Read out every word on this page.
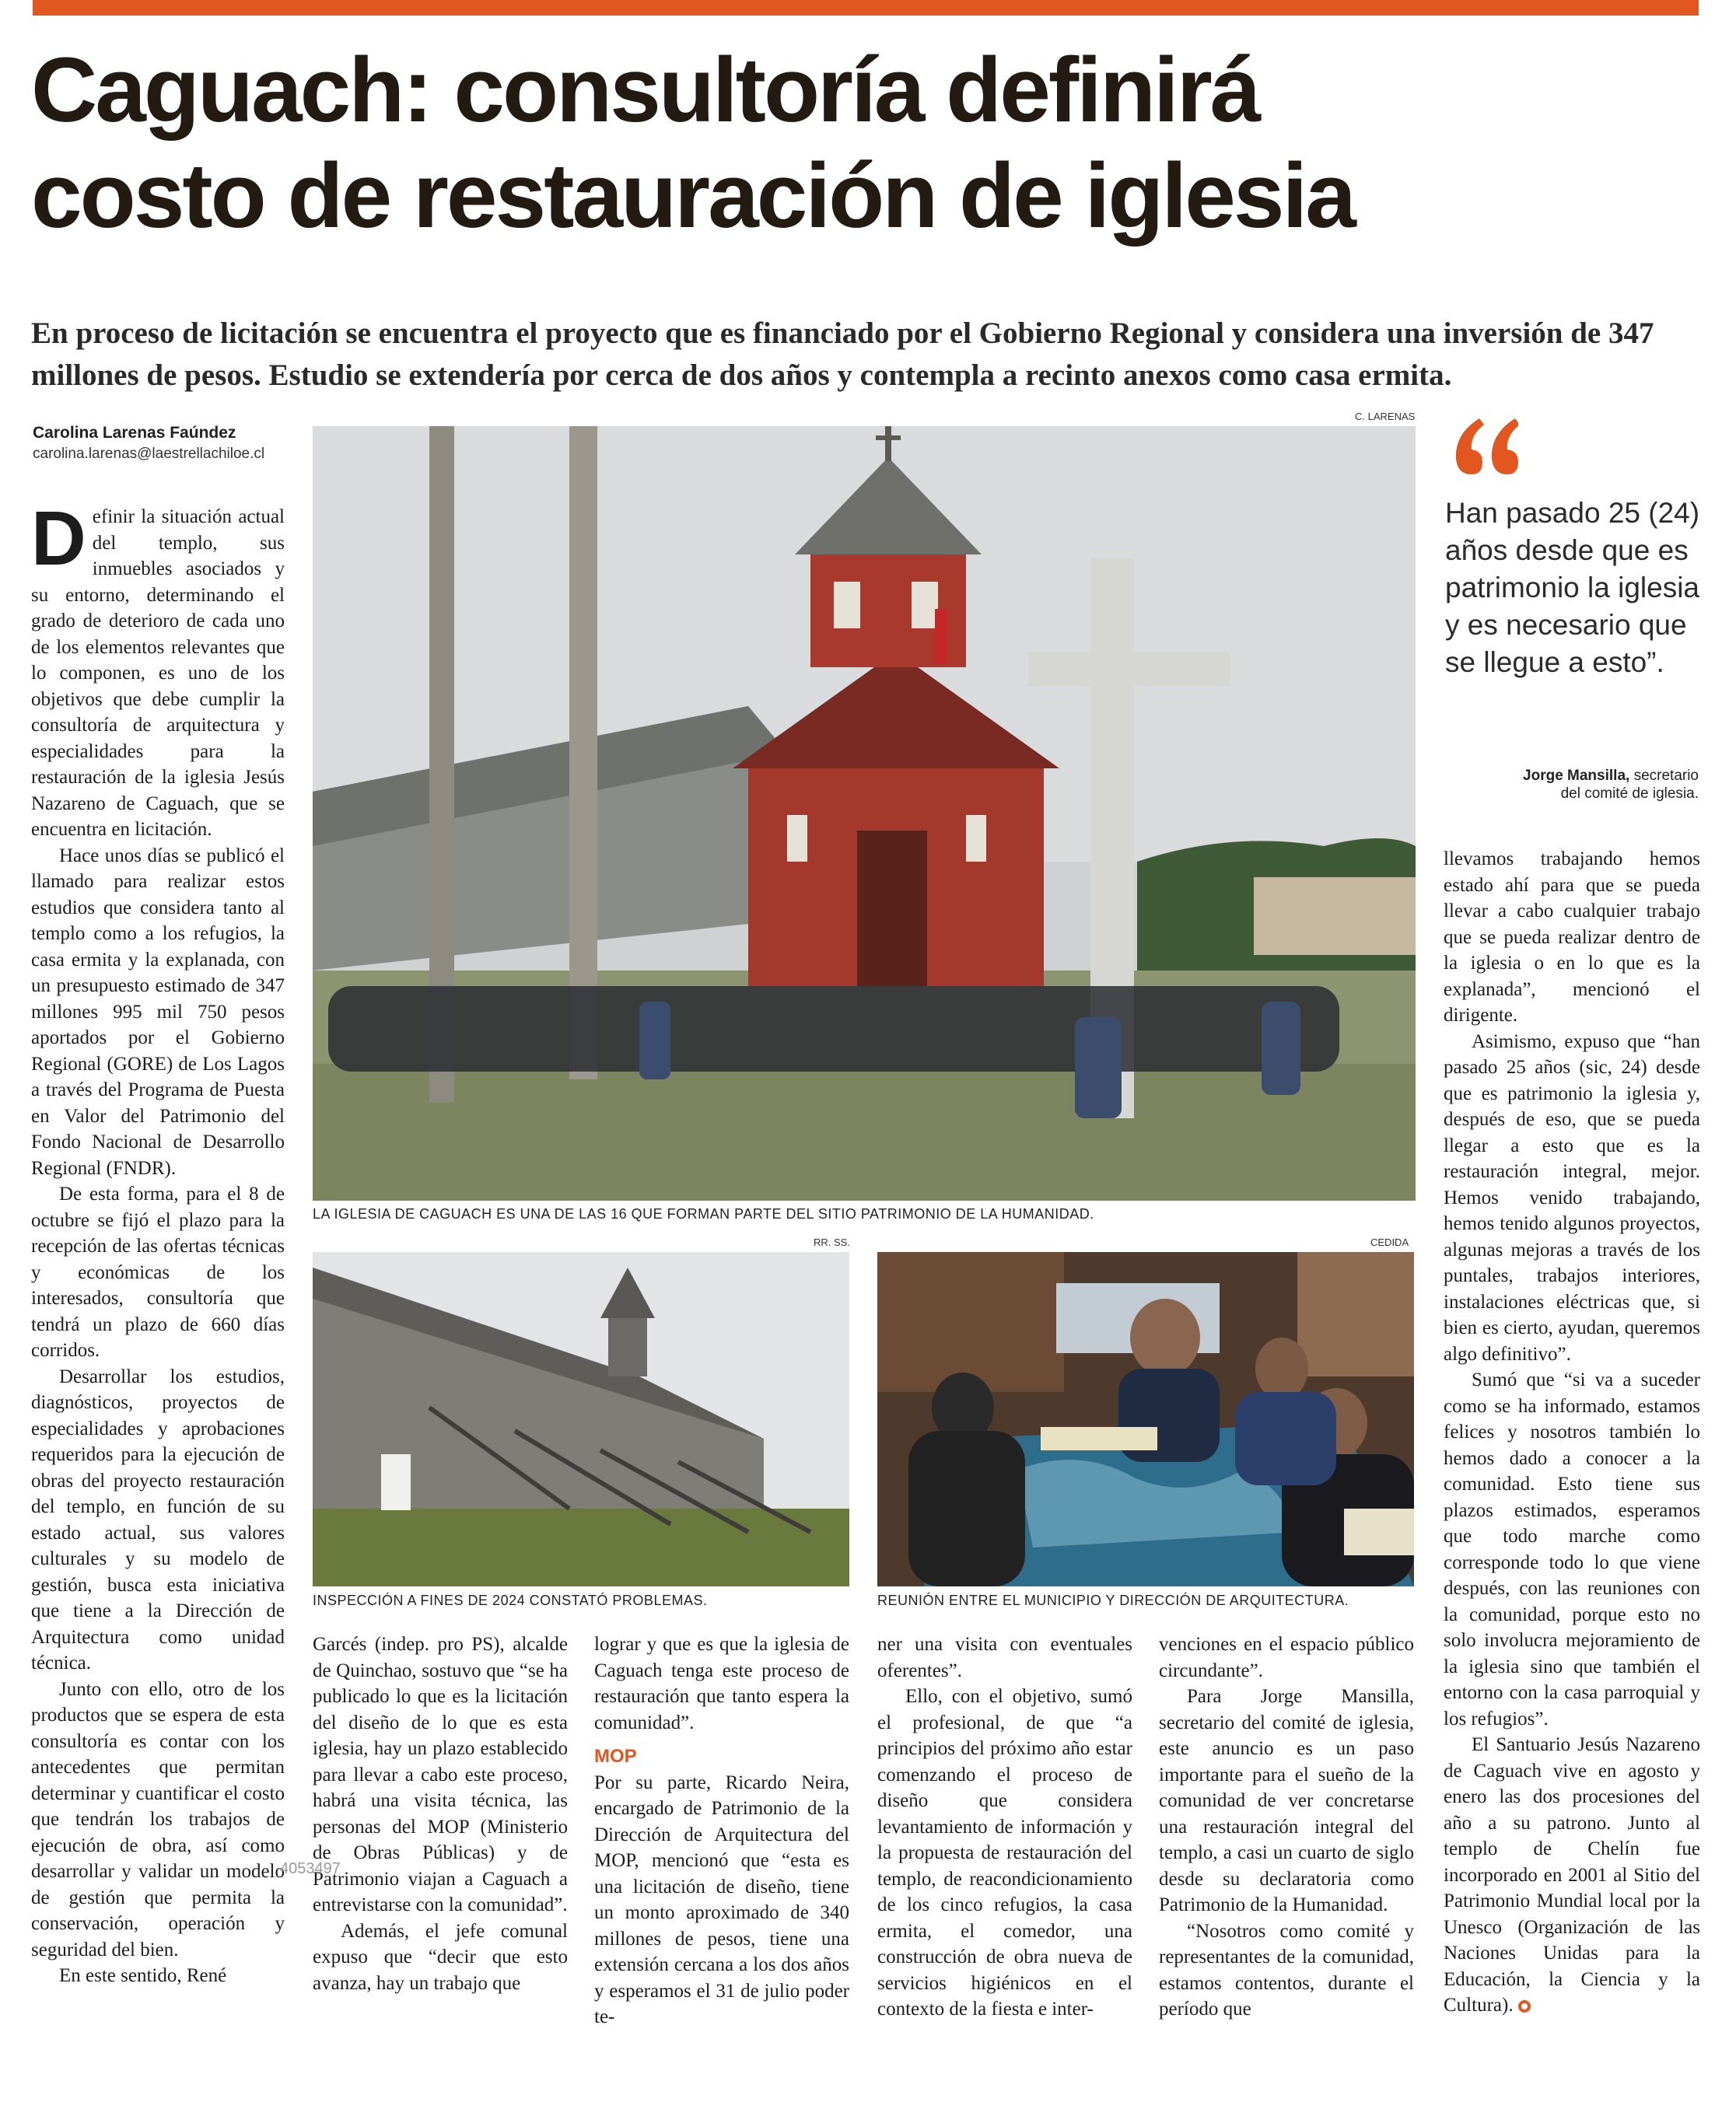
Caguach: consultoría definirá
costo de restauración de iglesia
En proceso de licitación se encuentra el proyecto que es financiado por el Gobierno Regional y considera una inversión de 347 millones de pesos. Estudio se extendería por cerca de dos años y contempla a recinto anexos como casa ermita.
Carolina Larenas Faúndez
carolina.larenas@laestrellachiloe.cl
C. LARENAS
LA IGLESIA DE CAGUACH ES UNA DE LAS 16 QUE FORMAN PARTE DEL SITIO PATRIMONIO DE LA HUMANIDAD.
RR. SS.
INSPECCIÓN A FINES DE 2024 CONSTATÓ PROBLEMAS.
CEDIDA
REUNIÓN ENTRE EL MUNICIPIO Y DIRECCIÓN DE ARQUITECTURA.
Han pasado 25 (24) años desde que es patrimonio la iglesia y es necesario que se llegue a esto”.
Jorge Mansilla, secretario
del comité de iglesia.

Definir la situación actual del templo, sus inmuebles asociados y su entorno, determinando el grado de deterioro de cada uno de los elementos relevantes que lo componen, es uno de los objetivos que debe cumplir la consultoría de arquitectura y especialidades para la restauración de la iglesia Jesús Nazareno de Caguach, que se encuentra en licitación.

Hace unos días se publicó el llamado para realizar estos estudios que considera tanto al templo como a los refugios, la casa ermita y la explanada, con un presupuesto estimado de 347 millones 995 mil 750 pesos aportados por el Gobierno Regional (GORE) de Los Lagos a través del Programa de Puesta en Valor del Patrimonio del Fondo Nacional de Desarrollo Regional (FNDR).

De esta forma, para el 8 de octubre se fijó el plazo para la recepción de las ofertas técnicas y económicas de los interesados, consultoría que tendrá un plazo de 660 días corridos.

Desarrollar los estudios, diagnósticos, proyectos de especialidades y aprobaciones requeridos para la ejecución de obras del proyecto restauración del templo, en función de su estado actual, sus valores culturales y su modelo de gestión, busca esta iniciativa que tiene a la Dirección de Arquitectura como unidad técnica.

Junto con ello, otro de los productos que se espera de esta consultoría es contar con los antecedentes que permitan determinar y cuantificar el costo que tendrán los trabajos de ejecución de obra, así como desarrollar y validar un modelo de gestión que permita la conservación, operación y seguridad del bien.

En este sentido, René

Garcés (indep. pro PS), alcalde de Quinchao, sostuvo que “se ha publicado lo que es la licitación del diseño de lo que es esta iglesia, hay un plazo establecido para llevar a cabo este proceso, habrá una visita técnica, las personas del MOP (Ministerio de Obras Públicas) y de Patrimonio viajan a Caguach a entrevistarse con la comunidad”.

Además, el jefe comunal expuso que “decir que esto avanza, hay un trabajo que

lograr y que es que la iglesia de Caguach tenga este proceso de restauración que tanto espera la comunidad”.

MOP

Por su parte, Ricardo Neira, encargado de Patrimonio de la Dirección de Arquitectura del MOP, mencionó que “esta es una licitación de diseño, tiene un monto aproximado de 340 millones de pesos, tiene una extensión cercana a los dos años y esperamos el 31 de julio poder te-

ner una visita con eventuales oferentes”.

Ello, con el objetivo, sumó el profesional, de que “a principios del próximo año estar comenzando el proceso de diseño que considera levantamiento de información y la propuesta de restauración del templo, de reacondicionamiento de los cinco refugios, la casa ermita, el comedor, una construcción de obra nueva de servicios higiénicos en el contexto de la fiesta e inter-

venciones en el espacio público circundante”.

Para Jorge Mansilla, secretario del comité de iglesia, este anuncio es un paso importante para el sueño de la comunidad de ver concretarse una restauración integral del templo, a casi un cuarto de siglo desde su declaratoria como Patrimonio de la Humanidad.

“Nosotros como comité y representantes de la comunidad, estamos contentos, durante el período que

llevamos trabajando hemos estado ahí para que se pueda llevar a cabo cualquier trabajo que se pueda realizar dentro de la iglesia o en lo que es la explanada”, mencionó el dirigente.

Asimismo, expuso que “han pasado 25 años (sic, 24) desde que es patrimonio la iglesia y, después de eso, que se pueda llegar a esto que es la restauración integral, mejor. Hemos venido trabajando, hemos tenido algunos proyectos, algunas mejoras a través de los puntales, trabajos interiores, instalaciones eléctricas que, si bien es cierto, ayudan, queremos algo definitivo”.

Sumó que “si va a suceder como se ha informado, estamos felices y nosotros también lo hemos dado a conocer a la comunidad. Esto tiene sus plazos estimados, esperamos que todo marche como corresponde todo lo que viene después, con las reuniones con la comunidad, porque esto no solo involucra mejoramiento de la iglesia sino que también el entorno con la casa parroquial y los refugios”.

El Santuario Jesús Nazareno de Caguach vive en agosto y enero las dos procesiones del año a su patrono. Junto al templo de Chelín fue incorporado en 2001 al Sitio del Patrimonio Mundial local por la Unesco (Organización de las Naciones Unidas para la Educación, la Ciencia y la Cultura).

4053497
